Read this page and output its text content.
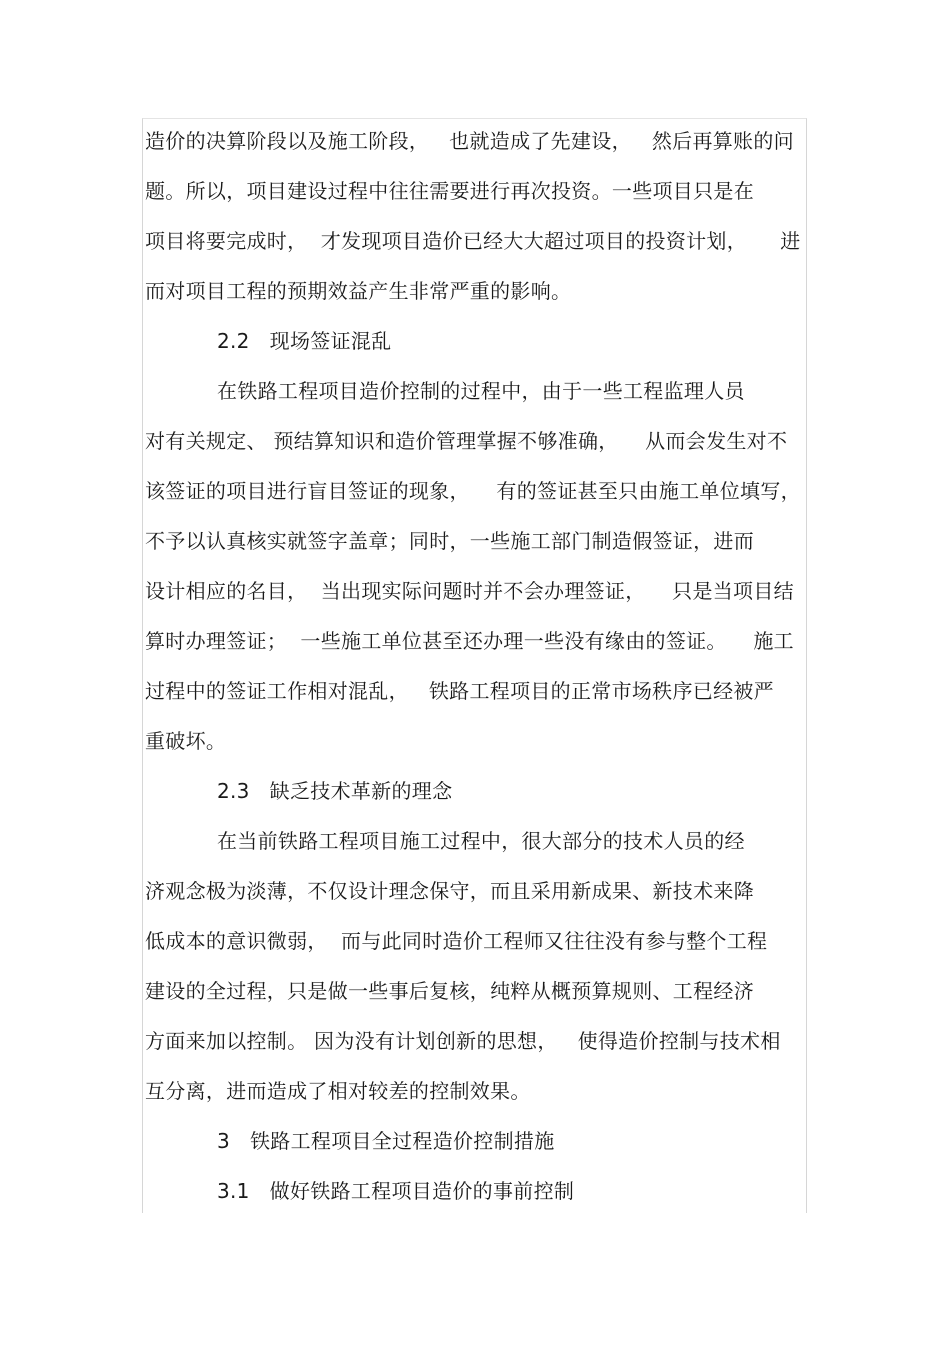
造价的决算阶段以及施工阶段，   也就造成了先建设，   然后再算账的问
题。所以，项目建设过程中往往需要进行再次投资。一些项目只是在
项目将要完成时，  才发现项目造价已经大大超过项目的投资计划，     进
而对项目工程的预期效益产生非常严重的影响。
2.2   现场签证混乱
在铁路工程项目造价控制的过程中，由于一些工程监理人员
对有关规定、 预结算知识和造价管理掌握不够准确，    从而会发生对不
该签证的项目进行盲目签证的现象，    有的签证甚至只由施工单位填写，
不予以认真核实就签字盖章；同时，一些施工部门制造假签证，进而
设计相应的名目，  当出现实际问题时并不会办理签证，    只是当项目结
算时办理签证；  一些施工单位甚至还办理一些没有缘由的签证。    施工
过程中的签证工作相对混乱，   铁路工程项目的正常市场秩序已经被严
重破坏。
2.3   缺乏技术革新的理念
在当前铁路工程项目施工过程中，很大部分的技术人员的经
济观念极为淡薄，不仅设计理念保守，而且采用新成果、新技术来降
低成本的意识微弱，  而与此同时造价工程师又往往没有参与整个工程
建设的全过程，只是做一些事后复核，纯粹从概预算规则、工程经济
方面来加以控制。 因为没有计划创新的思想，   使得造价控制与技术相
互分离，进而造成了相对较差的控制效果。
3   铁路工程项目全过程造价控制措施
3.1   做好铁路工程项目造价的事前控制
